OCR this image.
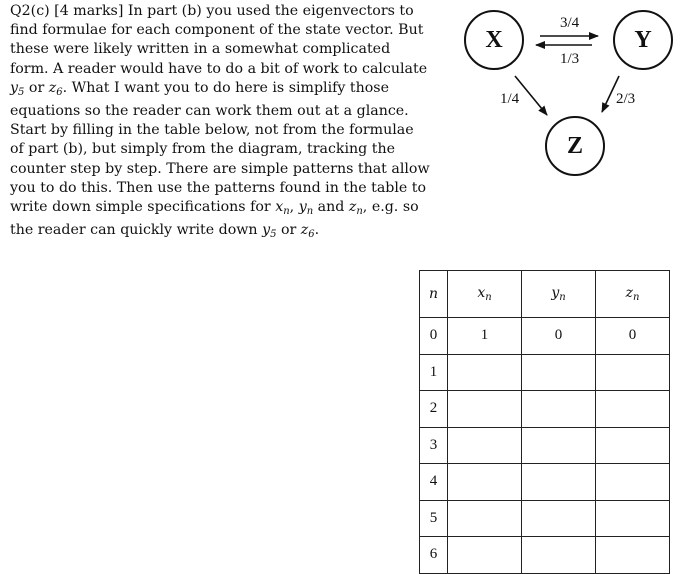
Q2(c) [4 marks] In part (b) you used the eigenvectors to find formulae for each component of the state vector. But these were likely written in a somewhat complicated form. A reader would have to do a bit of work to calculate $y_5$ or $z_6$. What I want you to do here is simplify those equations so the reader can work them out at a glance. Start by filling in the table below, not from the formulae of part (b), but simply from the diagram, tracking the counter step by step. There are simple patterns that allow you to do this. Then use the patterns found in the table to write down simple specifications for $x_n$, $y_n$ and $z_n$, e.g. so the reader can quickly write down $y_5$ or $z_6$.

X	Y
Z
3/4
1/3
1/4	2/3
n	$x_n$	$y_n$	$z_n$
0	1	0	0
1			
2			
3			
4			
5			
6			
